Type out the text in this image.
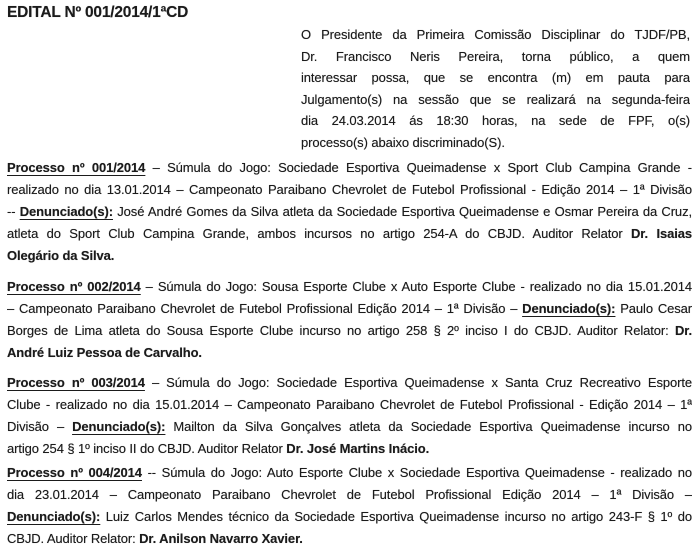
EDITAL Nº 001/2014/1ªCD
O Presidente da Primeira Comissão Disciplinar do TJDF/PB,
Dr. Francisco Neris Pereira, torna público, a quem
interessar possa, que se encontra (m) em pauta para
Julgamento(s) na sessão que se realizará na segunda-feira
dia 24.03.2014 ás 18:30 horas, na sede de FPF, o(s)
processo(s) abaixo discriminado(S).
Processo nº 001/2014 – Súmula do Jogo: Sociedade Esportiva Queimadense x Sport Club Campina Grande -
realizado no dia 13.01.2014 – Campeonato Paraibano Chevrolet de Futebol Profissional - Edição 2014 – 1ª Divisão
-- Denunciado(s): José André Gomes da Silva atleta da Sociedade Esportiva Queimadense e Osmar Pereira da Cruz,
atleta do Sport Club Campina Grande, ambos incursos no artigo 254-A do CBJD. Auditor Relator Dr. Isaias
Olegário da Silva.
Processo nº 002/2014 – Súmula do Jogo: Sousa Esporte Clube x Auto Esporte Clube - realizado no dia 15.01.2014
– Campeonato Paraibano Chevrolet de Futebol Profissional Edição 2014 – 1ª Divisão – Denunciado(s): Paulo Cesar
Borges de Lima atleta do Sousa Esporte Clube incurso no artigo 258 § 2º inciso I do CBJD. Auditor Relator: Dr.
André Luiz Pessoa de Carvalho.
Processo nº 003/2014 – Súmula do Jogo: Sociedade Esportiva Queimadense x Santa Cruz Recreativo Esporte
Clube - realizado no dia 15.01.2014 – Campeonato Paraibano Chevrolet de Futebol Profissional - Edição 2014 – 1ª
Divisão – Denunciado(s): Mailton da Silva Gonçalves atleta da Sociedade Esportiva Queimadense incurso no
artigo 254 § 1º inciso II do CBJD. Auditor Relator Dr. José Martins Inácio.
Processo nº 004/2014 -- Súmula do Jogo: Auto Esporte Clube x Sociedade Esportiva Queimadense - realizado no
dia 23.01.2014 – Campeonato Paraibano Chevrolet de Futebol Profissional Edição 2014 – 1ª Divisão –
Denunciado(s): Luiz Carlos Mendes técnico da Sociedade Esportiva Queimadense incurso no artigo 243-F § 1º do
CBJD. Auditor Relator: Dr. Anilson Navarro Xavier.
